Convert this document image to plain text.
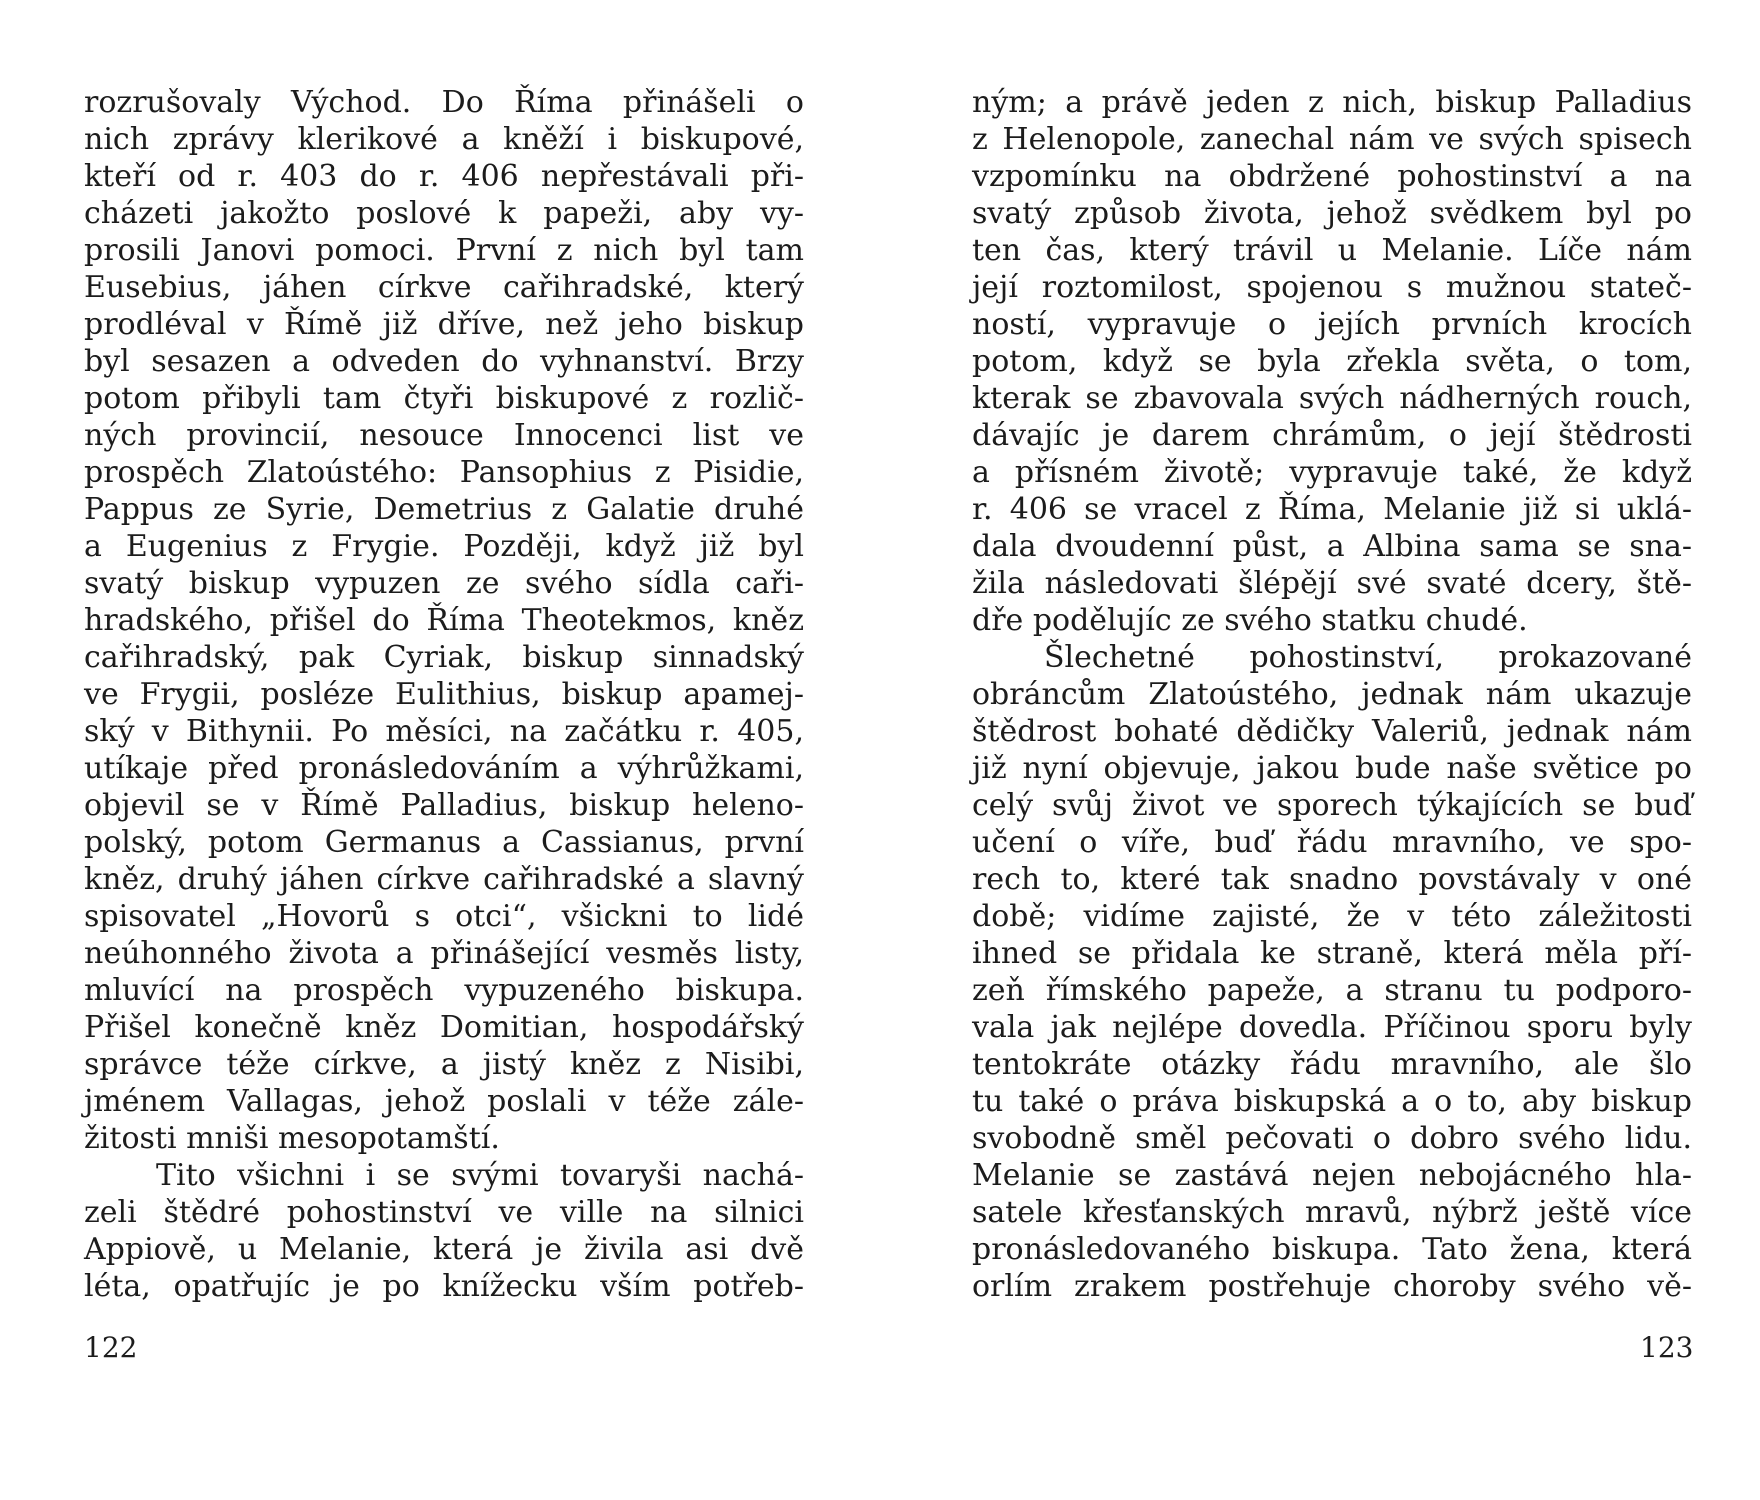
rozrušovaly Východ. Do Říma přinášeli o
nich zprávy klerikové a kněží i biskupové,
kteří od r. 403 do r. 406 nepřestávali při-
cházeti jakožto poslové k papeži, aby vy-
prosili Janovi pomoci. První z nich byl tam
Eusebius, jáhen církve cařihradské, který
prodléval v Římě již dříve, než jeho biskup
byl sesazen a odveden do vyhnanství. Brzy
potom přibyli tam čtyři biskupové z rozlič-
ných provincií, nesouce Innocenci list ve
prospěch Zlatoústého: Pansophius z Pisidie,
Pappus ze Syrie, Demetrius z Galatie druhé
a Eugenius z Frygie. Později, když již byl
svatý biskup vypuzen ze svého sídla caři-
hradského, přišel do Říma Theotekmos, kněz
cařihradský, pak Cyriak, biskup sinnadský
ve Frygii, posléze Eulithius, biskup apamej-
ský v Bithynii. Po měsíci, na začátku r. 405,
utíkaje před pronásledováním a výhrůžkami,
objevil se v Římě Palladius, biskup heleno-
polský, potom Germanus a Cassianus, první
kněz, druhý jáhen církve cařihradské a slavný
spisovatel „Hovorů s otci“, všickni to lidé
neúhonného života a přinášející vesměs listy,
mluvící na prospěch vypuzeného biskupa.
Přišel konečně kněz Domitian, hospodářský
správce téže církve, a jistý kněz z Nisibi,
jménem Vallagas, jehož poslali v téže zále-
žitosti mniši mesopotamští.
Tito všichni i se svými tovaryši nachá-
zeli štědré pohostinství ve ville na silnici
Appiově, u Melanie, která je živila asi dvě
léta, opatřujíc je po knížecku vším potřeb-
122
ným; a právě jeden z nich, biskup Palladius
z Helenopole, zanechal nám ve svých spisech
vzpomínku na obdržené pohostinství a na
svatý způsob života, jehož svědkem byl po
ten čas, který trávil u Melanie. Líče nám
její roztomilost, spojenou s mužnou stateč-
ností, vypravuje o jejích prvních krocích
potom, když se byla zřekla světa, o tom,
kterak se zbavovala svých nádherných rouch,
dávajíc je darem chrámům, o její štědrosti
a přísném životě; vypravuje také, že když
r. 406 se vracel z Říma, Melanie již si uklá-
dala dvoudenní půst, a Albina sama se sna-
žila následovati šlépějí své svaté dcery, ště-
dře podělujíc ze svého statku chudé.
Šlechetné pohostinství, prokazované
obráncům Zlatoústého, jednak nám ukazuje
štědrost bohaté dědičky Valeriů, jednak nám
již nyní objevuje, jakou bude naše světice po
celý svůj život ve sporech týkajících se buď
učení o víře, buď řádu mravního, ve spo-
rech to, které tak snadno povstávaly v oné
době; vidíme zajisté, že v této záležitosti
ihned se přidala ke straně, která měla pří-
zeň římského papeže, a stranu tu podporo-
vala jak nejlépe dovedla. Příčinou sporu byly
tentokráte otázky řádu mravního, ale šlo
tu také o práva biskupská a o to, aby biskup
svobodně směl pečovati o dobro svého lidu.
Melanie se zastává nejen nebojácného hla-
satele křesťanských mravů, nýbrž ještě více
pronásledovaného biskupa. Tato žena, která
orlím zrakem postřehuje choroby svého vě-
123
